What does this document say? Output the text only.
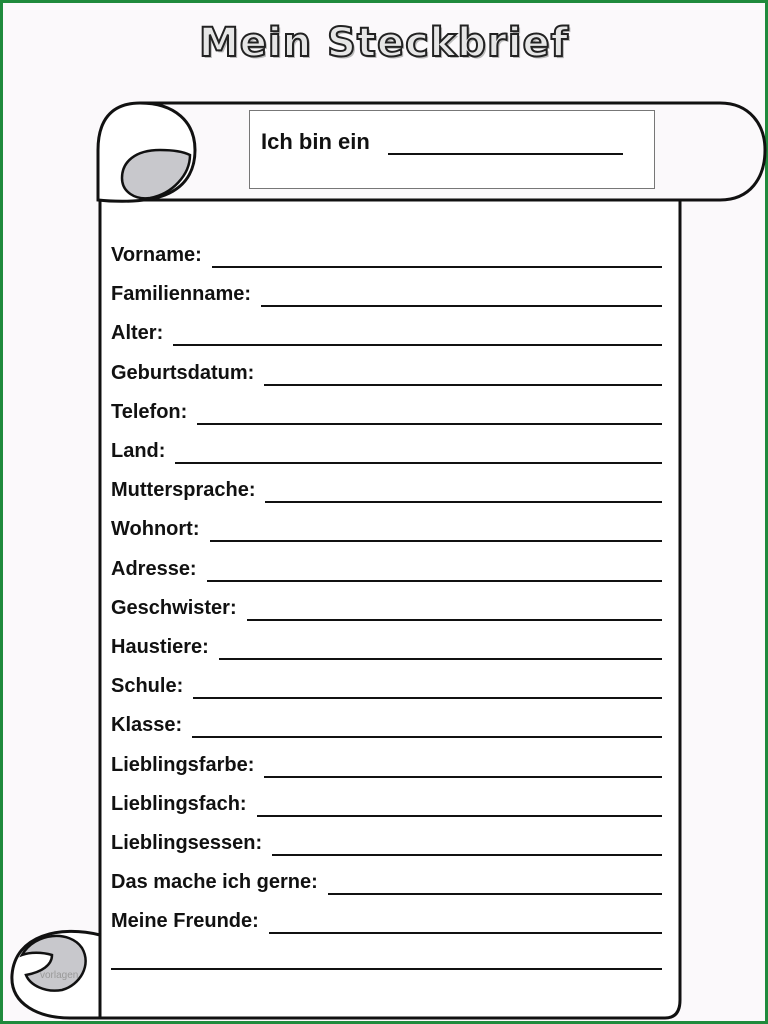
Mein Steckbrief
Ich bin ein
Vorname:
Familienname:
Alter:
Geburtsdatum:
Telefon:
Land:
Muttersprache:
Wohnort:
Adresse:
Geschwister:
Haustiere:
Schule:
Klasse:
Lieblingsfarbe:
Lieblingsfach:
Lieblingsessen:
Das mache ich gerne:
Meine Freunde:
vorlagen
